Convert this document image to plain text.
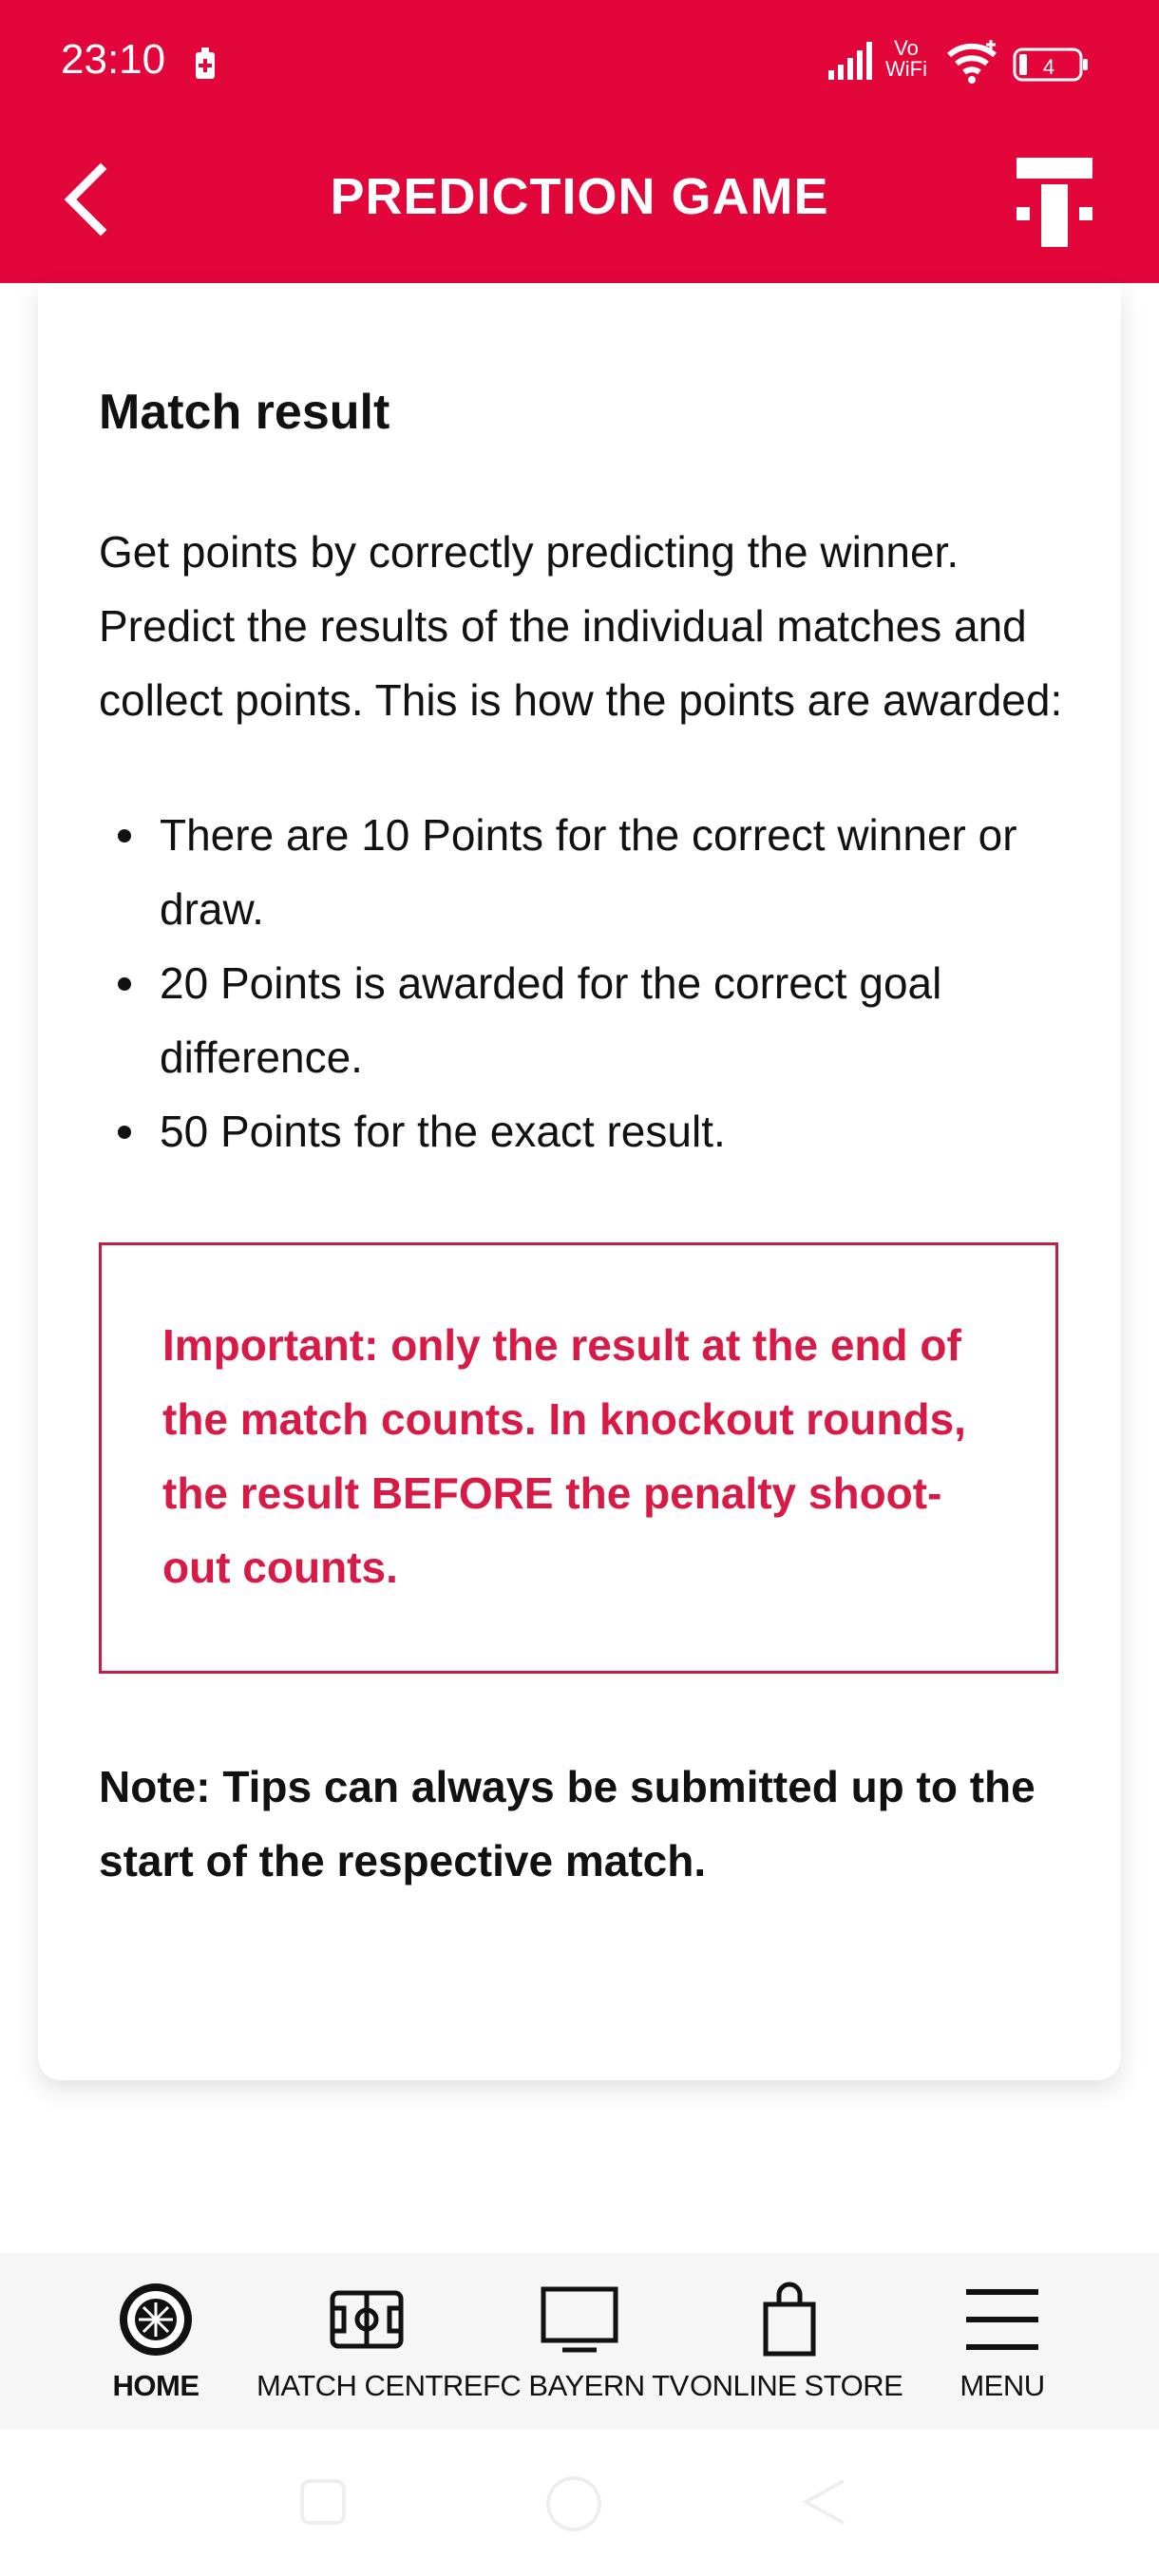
23:10	Vo
WiFi	4
PREDICTION GAME
Match result

Get points by correctly predicting the winner.

Predict the results of the individual matches and collect points. This is how the points are awarded:

There are 10 Points for the correct winner or draw.
20 Points is awarded for the correct goal difference.
50 Points for the exact result.

Important: only the result at the end of the match counts. In knockout rounds, the result BEFORE the penalty shoot-out counts.

Note: Tips can always be submitted up to the start of the respective match.
HOME	MATCH CENTRE FC BAYERN TV ONLINE STORE	MENU
